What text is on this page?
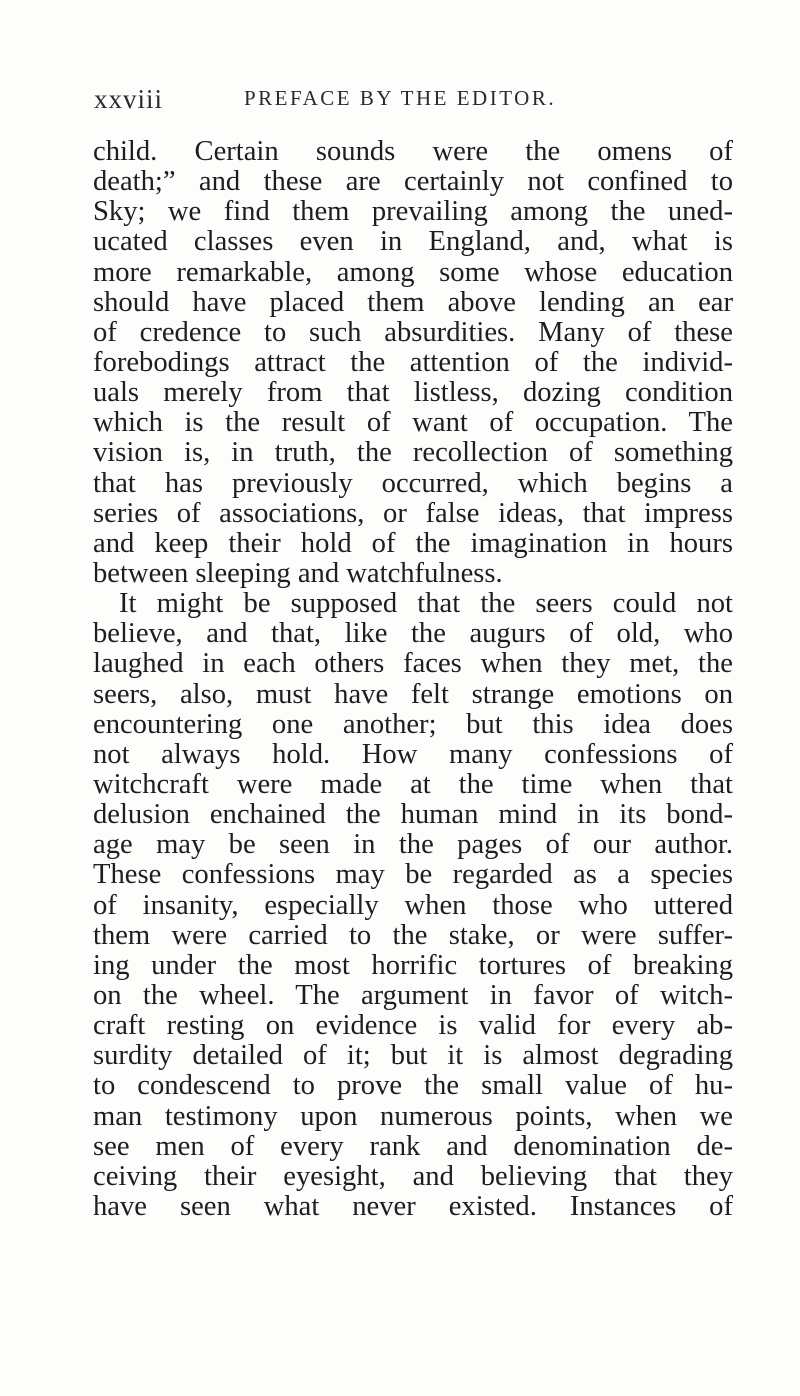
xxviii	PREFACE BY THE EDITOR.
child. Certain sounds were the omens of
death;” and these are certainly not confined to
Sky; we find them prevailing among the uned-
ucated classes even in England, and, what is
more remarkable, among some whose education
should have placed them above lending an ear
of credence to such absurdities. Many of these
forebodings attract the attention of the individ-
uals merely from that listless, dozing condition
which is the result of want of occupation. The
vision is, in truth, the recollection of something
that has previously occurred, which begins a
series of associations, or false ideas, that impress
and keep their hold of the imagination in hours
between sleeping and watchfulness.
It might be supposed that the seers could not
believe, and that, like the augurs of old, who
laughed in each others faces when they met, the
seers, also, must have felt strange emotions on
encountering one another; but this idea does
not always hold. How many confessions of
witchcraft were made at the time when that
delusion enchained the human mind in its bond-
age may be seen in the pages of our author.
These confessions may be regarded as a species
of insanity, especially when those who uttered
them were carried to the stake, or were suffer-
ing under the most horrific tortures of breaking
on the wheel. The argument in favor of witch-
craft resting on evidence is valid for every ab-
surdity detailed of it; but it is almost degrading
to condescend to prove the small value of hu-
man testimony upon numerous points, when we
see men of every rank and denomination de-
ceiving their eyesight, and believing that they
have seen what never existed. Instances of
